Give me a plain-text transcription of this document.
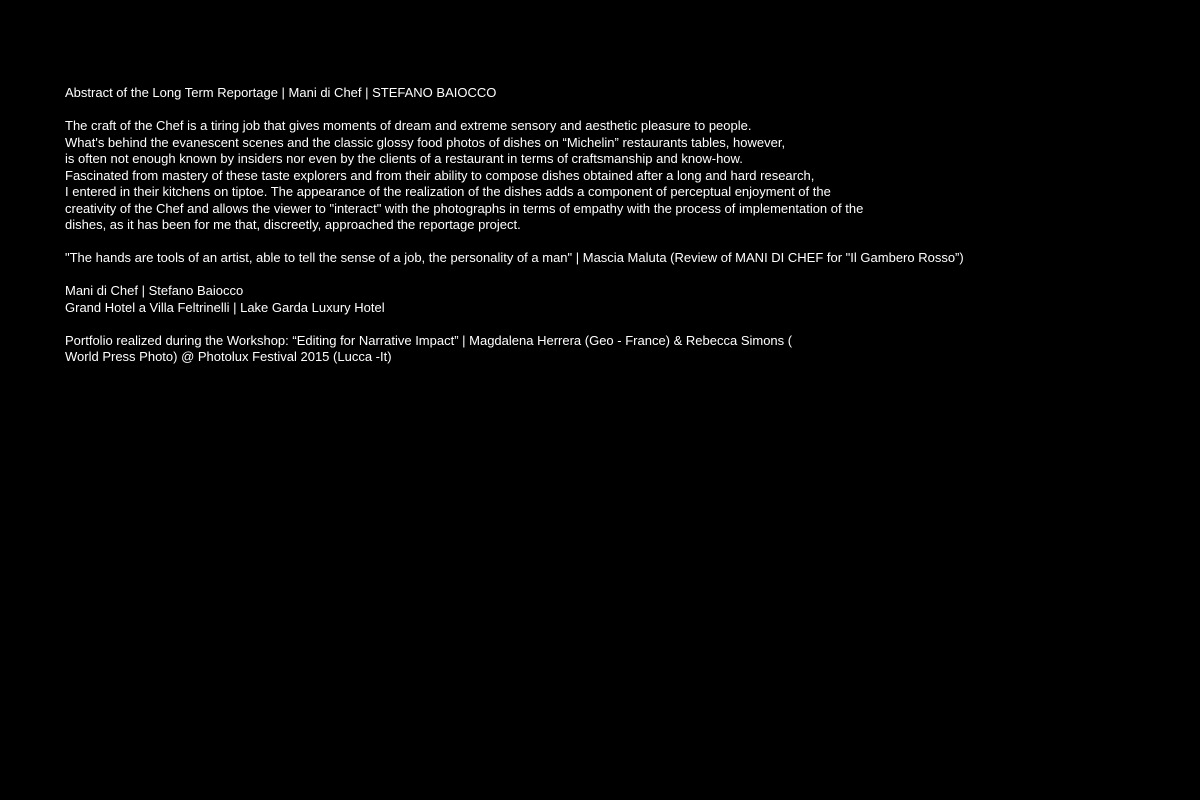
Abstract of the Long Term Reportage | Mani di Chef | STEFANO BAIOCCO
The craft of the Chef is a tiring job that gives moments of dream and extreme sensory and aesthetic pleasure to people.
What's behind the evanescent scenes and the classic glossy food photos of dishes on “Michelin” restaurants tables, however,
is often not enough known by insiders nor even by the clients of a restaurant in terms of craftsmanship and know-how.
Fascinated from mastery of these taste explorers and from their ability to compose dishes obtained after a long and hard research,
I entered in their kitchens on tiptoe. The appearance of the realization of the dishes adds a component of perceptual enjoyment of the
creativity of the Chef and allows the viewer to "interact" with the photographs in terms of empathy with the process of implementation of the
dishes, as it has been for me that, discreetly, approached the reportage project.
"The hands are tools of an artist, able to tell the sense of a job, the personality of a man" | Mascia Maluta (Review of MANI DI CHEF for "Il Gambero Rosso”)
Mani di Chef | Stefano Baiocco
Grand Hotel a Villa Feltrinelli | Lake Garda Luxury Hotel
Portfolio realized during the Workshop: “Editing for Narrative Impact” | Magdalena Herrera (Geo - France) & Rebecca Simons (
World Press Photo) @ Photolux Festival 2015 (Lucca -It)
